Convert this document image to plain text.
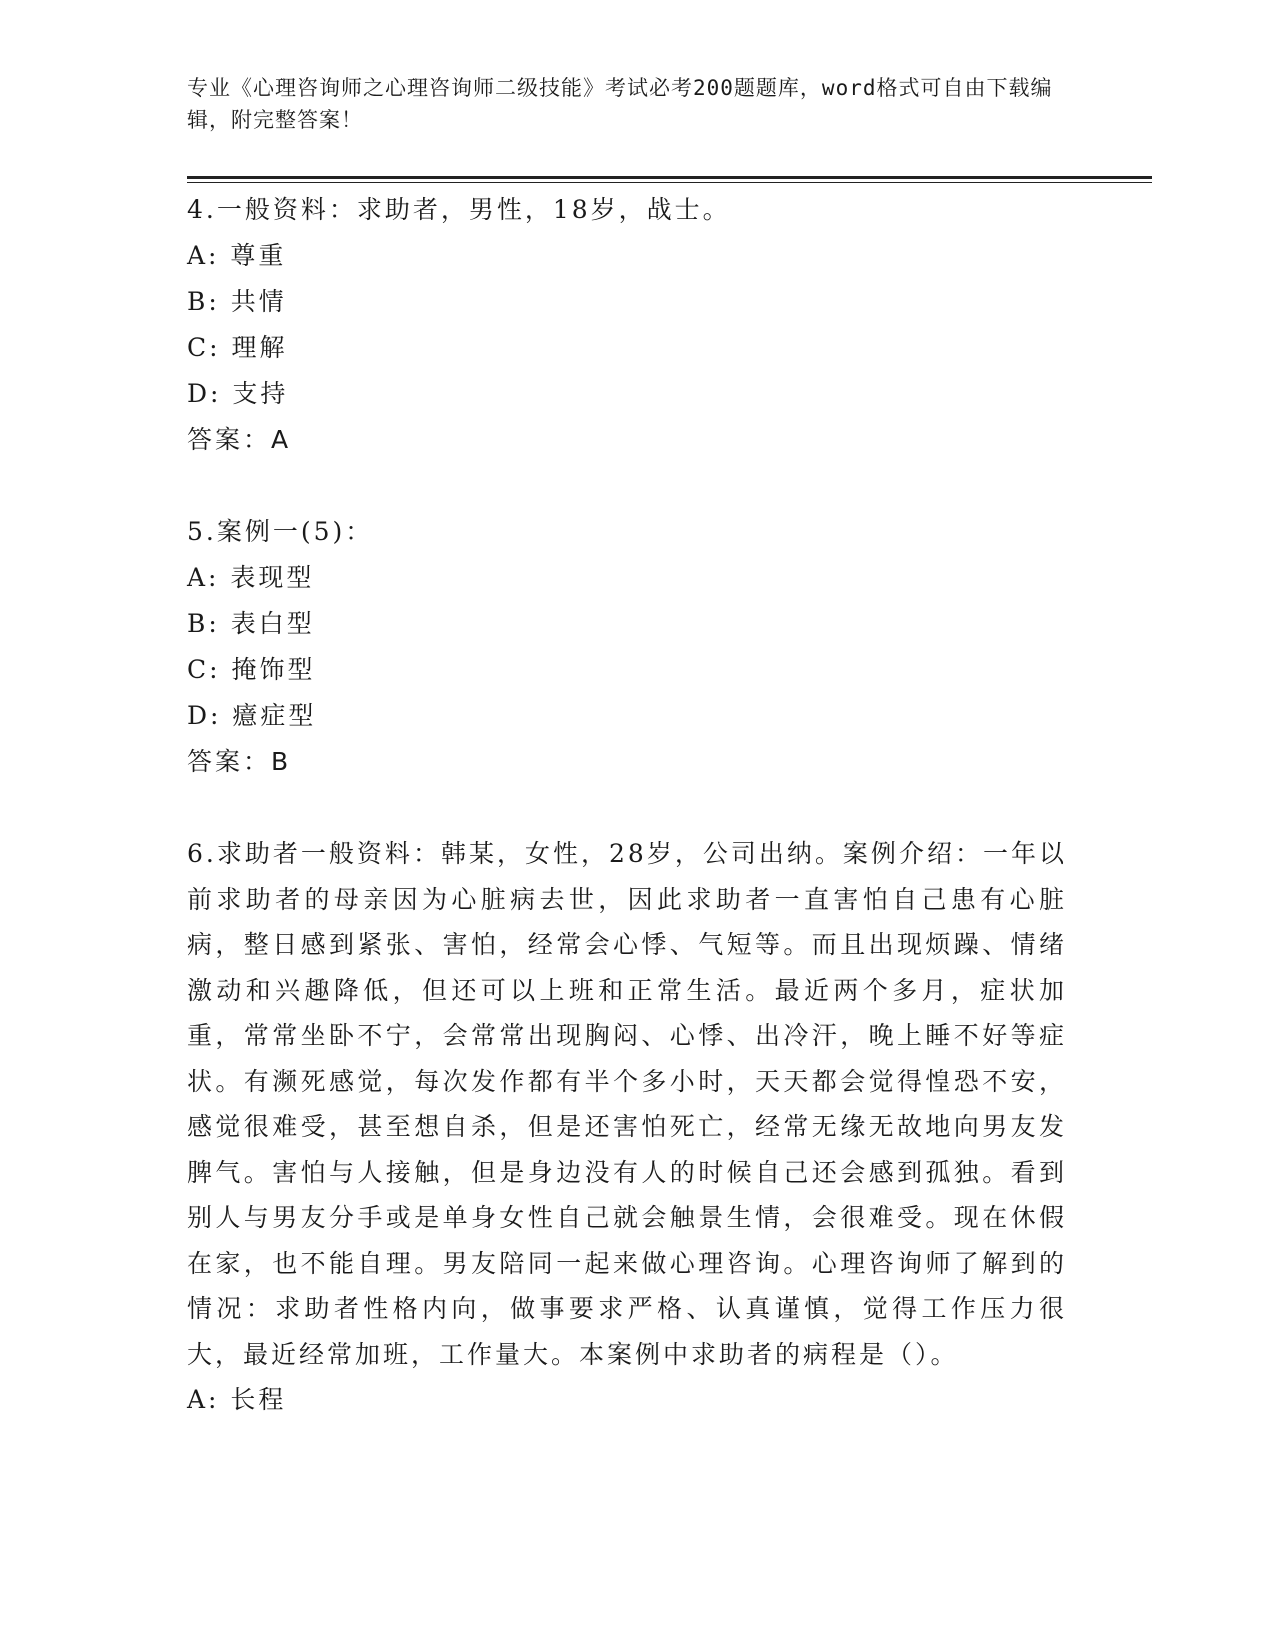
专业《心理咨询师之心理咨询师二级技能》考试必考200题题库，word格式可自由下载编辑，附完整答案！
4.一般资料：求助者，男性，18岁，战士。
A: 尊重
B: 共情
C: 理解
D: 支持
答案：A
5.案例一(5)：
A: 表现型
B: 表白型
C: 掩饰型
D: 癔症型
答案：B
6.求助者一般资料：韩某，女性，28岁，公司出纳。案例介绍：一年以前求助者的母亲因为心脏病去世，因此求助者一直害怕自己患有心脏病，整日感到紧张、害怕，经常会心悸、气短等。而且出现烦躁、情绪激动和兴趣降低，但还可以上班和正常生活。最近两个多月，症状加重，常常坐卧不宁，会常常出现胸闷、心悸、出冷汗，晚上睡不好等症状。有濒死感觉，每次发作都有半个多小时，天天都会觉得惶恐不安，感觉很难受，甚至想自杀，但是还害怕死亡，经常无缘无故地向男友发脾气。害怕与人接触，但是身边没有人的时候自己还会感到孤独。看到别人与男友分手或是单身女性自己就会触景生情，会很难受。现在休假在家，也不能自理。男友陪同一起来做心理咨询。心理咨询师了解到的情况：求助者性格内向，做事要求严格、认真谨慎，觉得工作压力很大，最近经常加班，工作量大。本案例中求助者的病程是（）。
A: 长程
